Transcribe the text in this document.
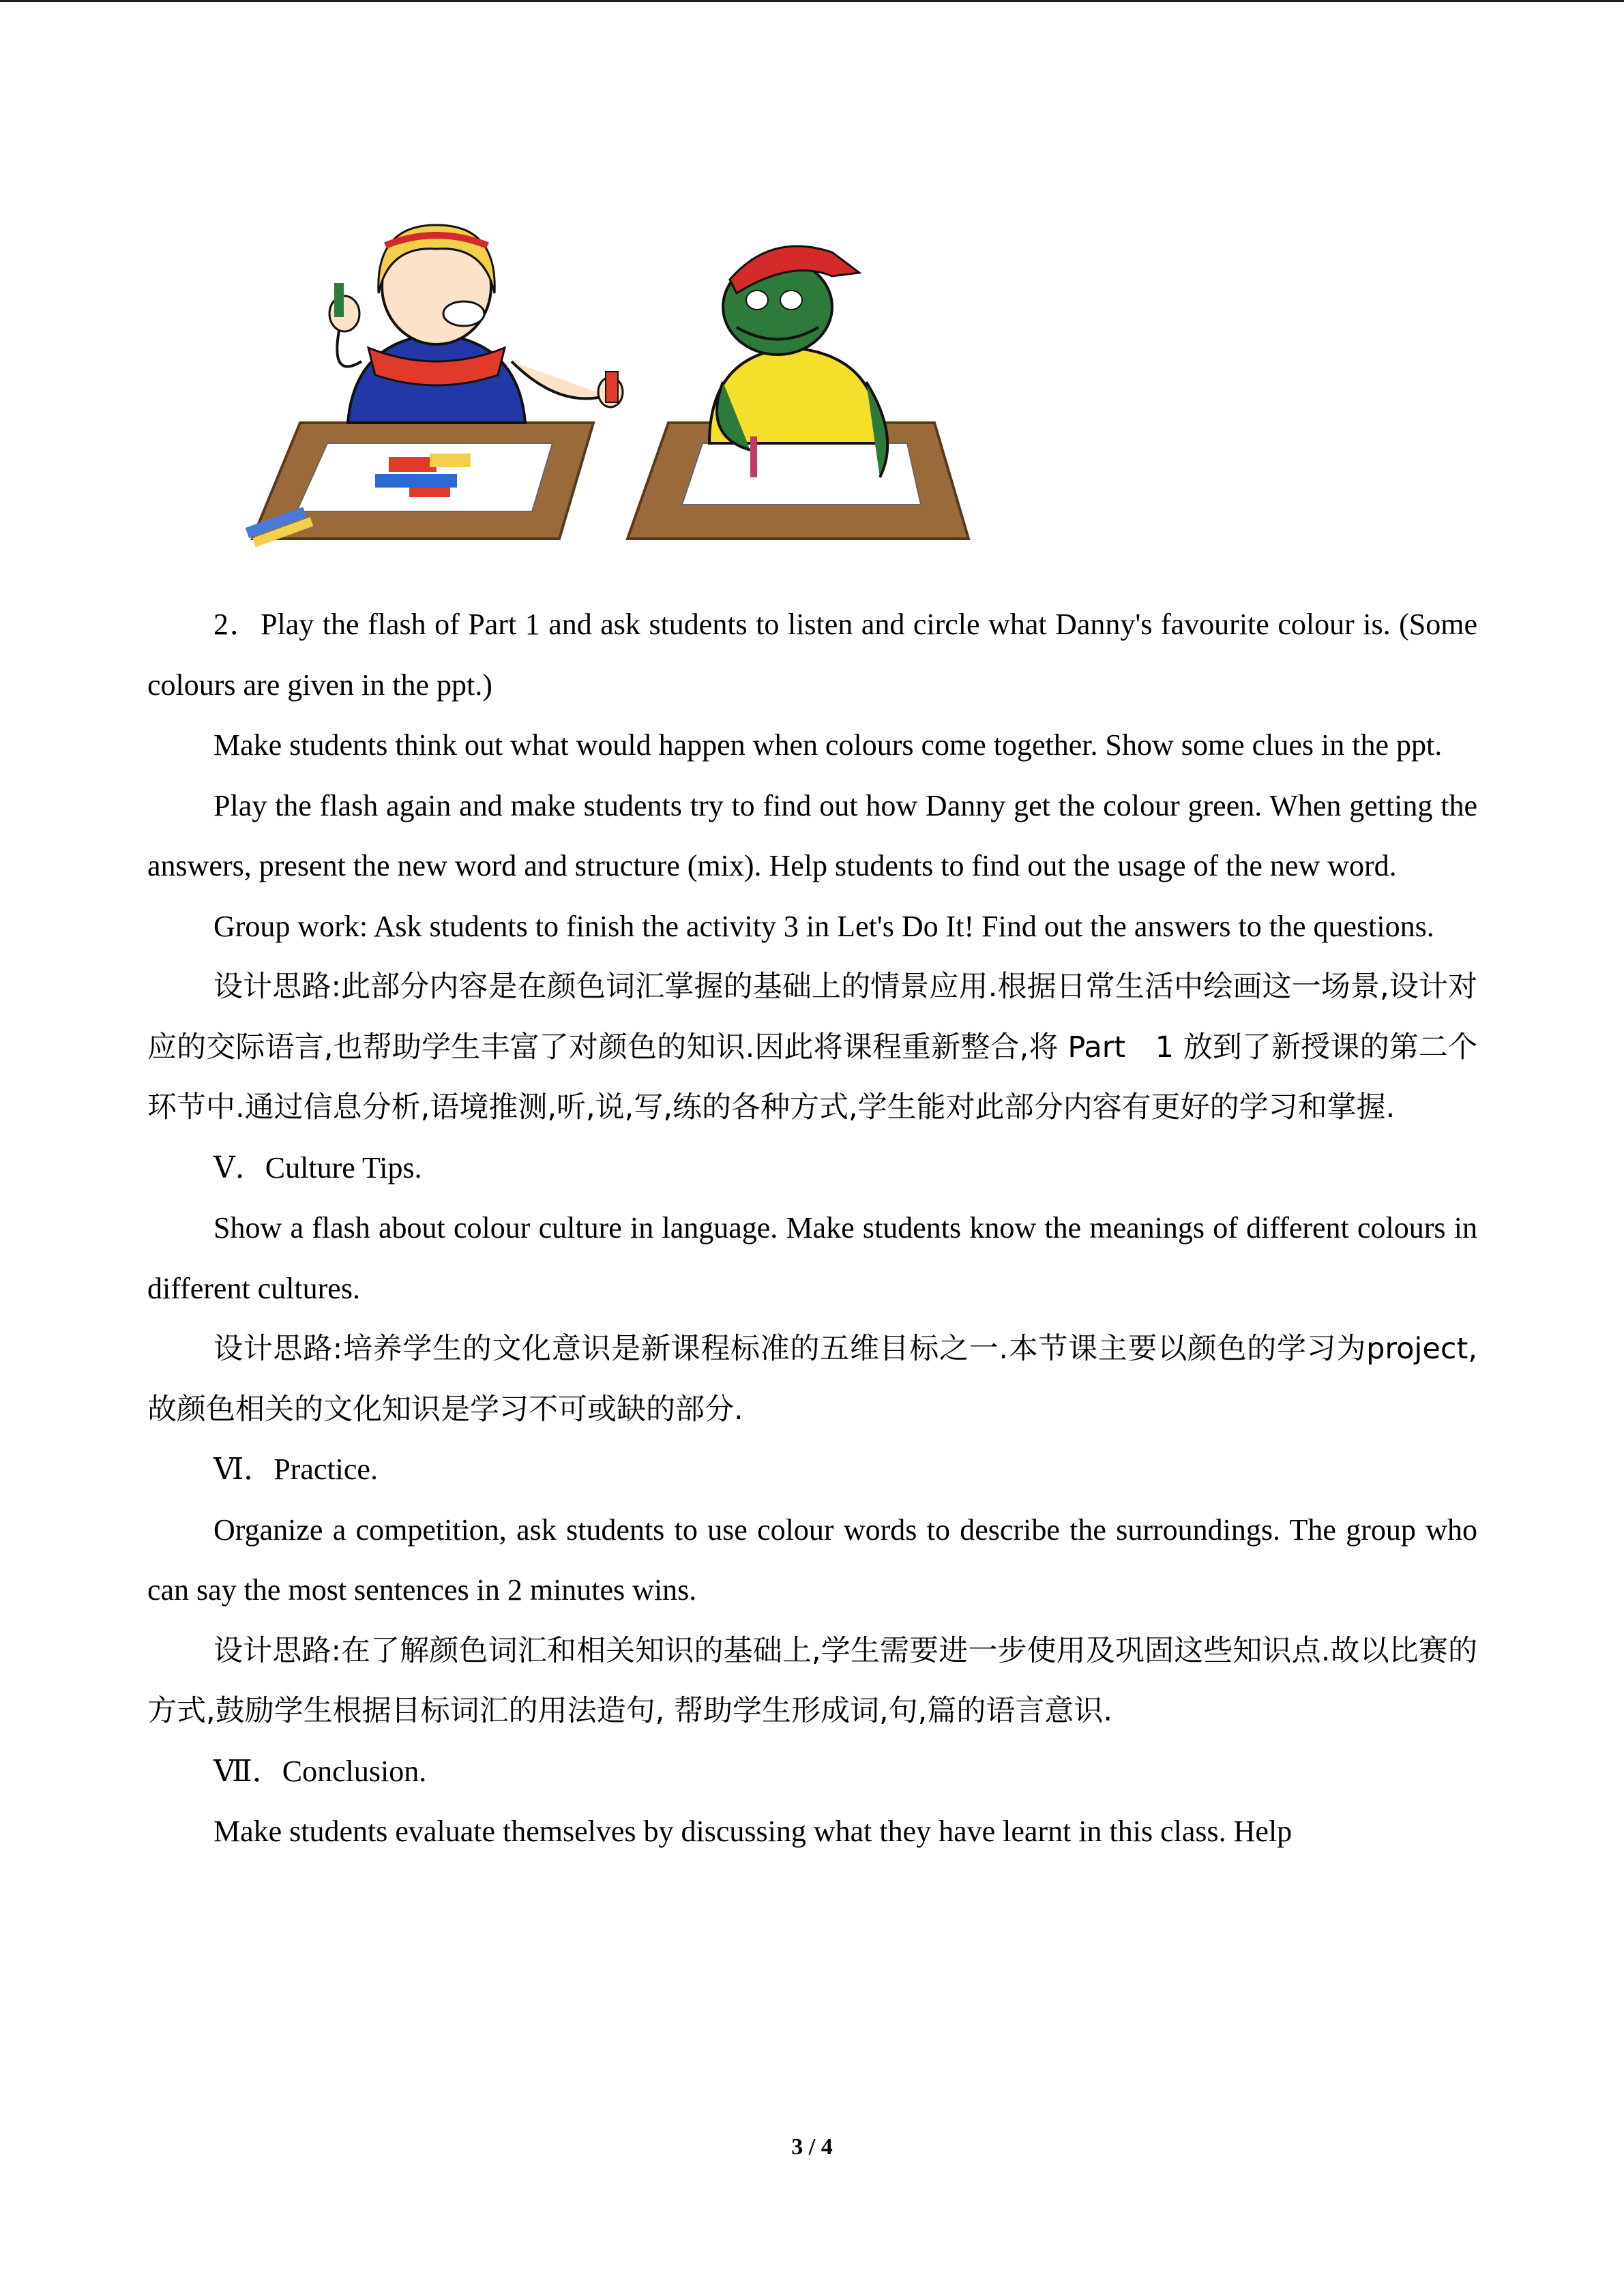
2．Play the flash of Part 1 and ask students to listen and circle what Danny's favourite colour is. (Some colours are given in the ppt.)

Make students think out what would happen when colours come together. Show some clues in the ppt.

Play the flash again and make students try to find out how Danny get the colour green. When getting the answers, present the new word and structure (mix). Help students to find out the usage of the new word.

Group work: Ask students to finish the activity 3 in Let's Do It! Find out the answers to the questions.

设计思路:此部分内容是在颜色词汇掌握的基础上的情景应用.根据日常生活中绘画这一场景,设计对应的交际语言,也帮助学生丰富了对颜色的知识.因此将课程重新整合,将 Part　1 放到了新授课的第二个环节中.通过信息分析,语境推测,听,说,写,练的各种方式,学生能对此部分内容有更好的学习和掌握.

Ⅴ．Culture Tips.

Show a flash about colour culture in language. Make students know the meanings of different colours in different cultures.

设计思路:培养学生的文化意识是新课程标准的五维目标之一.本节课主要以颜色的学习为project,故颜色相关的文化知识是学习不可或缺的部分.

Ⅵ．Practice.

Organize a competition, ask students to use colour words to describe the surroundings. The group who can say the most sentences in 2 minutes wins.

设计思路:在了解颜色词汇和相关知识的基础上,学生需要进一步使用及巩固这些知识点.故以比赛的方式,鼓励学生根据目标词汇的用法造句, 帮助学生形成词,句,篇的语言意识.

Ⅶ．Conclusion.

Make students evaluate themselves by discussing what they have learnt in this class. Help

3 / 4
